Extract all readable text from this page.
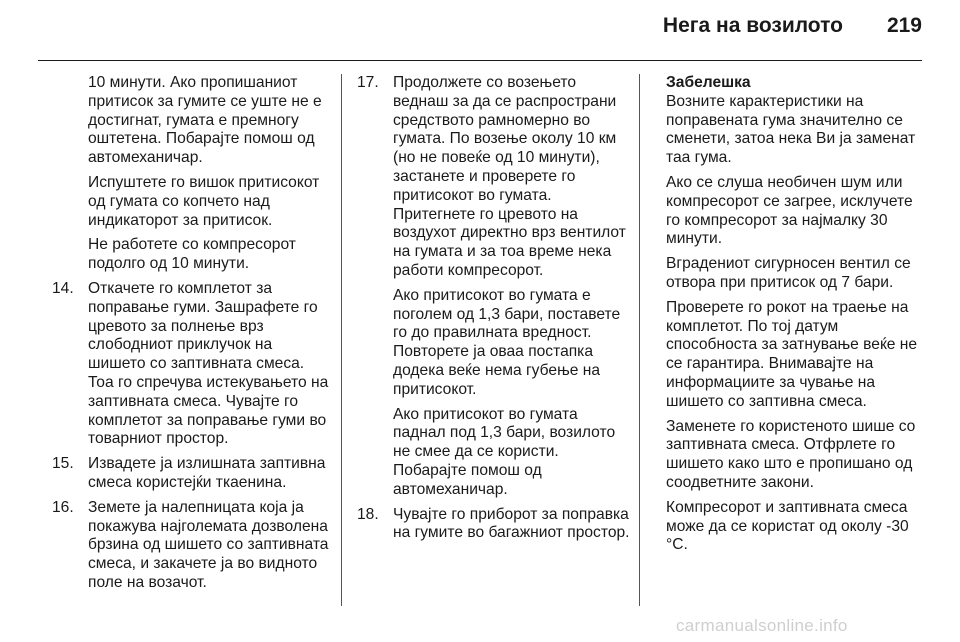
Нега на возилото 219

10 минути. Ако пропишаниот притисок за гумите се уште не е достигнат, гумата е премногу оштетена. Побарајте помош од автомеханичар.

Испуштете го вишок притисокот од гумата со копчето над индикаторот за притисок.

Не работете со компресорот подолго од 10 минути.

14. Откачете го комплетот за поправање гуми. Зашрафете го цревото за полнење врз слободниот приклучок на шишето со заптивната смеса. Тоа го спречува истекувањето на заптивната смеса. Чувајте го комплетот за поправање гуми во товарниот простор.
15. Извадете ја излишната заптивна смеса користејќи ткаенина.
16. Земете ја налепницата која ја покажува најголемата дозволена брзина од шишето со заптивната смеса, и закачете ја во видното поле на возачот.
17. Продолжете со возењето веднаш за да се распространи средството рамномерно во гумата. По возење околу 10 км (но не повеќе од 10 минути), застанете и проверете го притисокот во гумата. Притегнете го цревото на воздухот директно врз вентилот на гумата и за тоа време нека работи компресорот.
Ако притисокот во гумата е поголем од 1,3 бари, поставете го до правилната вредност. Повторете ја оваа постапка додека веќе нема губење на притисокот.
Ако притисокот во гумата паднал под 1,3 бари, возилото не смее да се користи. Побарајте помош од автомеханичар.
18. Чувајте го приборот за поправка на гумите во багажниот простор.
Забелешка

Возните карактеристики на поправената гума значително се сменети, затоа нека Ви ја заменат таа гума.

Ако се слуша необичен шум или компресорот се загрее, исклучете го компресорот за најмалку 30 минути.

Вградениот сигурносен вентил се отвора при притисок од 7 бари.

Проверете го рокот на траење на комплетот. По тој датум способноста за затнување веќе не се гарантира. Внимавајте на информациите за чување на шишето со заптивна смеса.

Заменете го користеното шише со заптивната смеса. Отфрлете го шишето како што е пропишано од соодветните закони.

Компресорот и заптивната смеса може да се користат од околу -30 °C.

carmanualsonline.info
